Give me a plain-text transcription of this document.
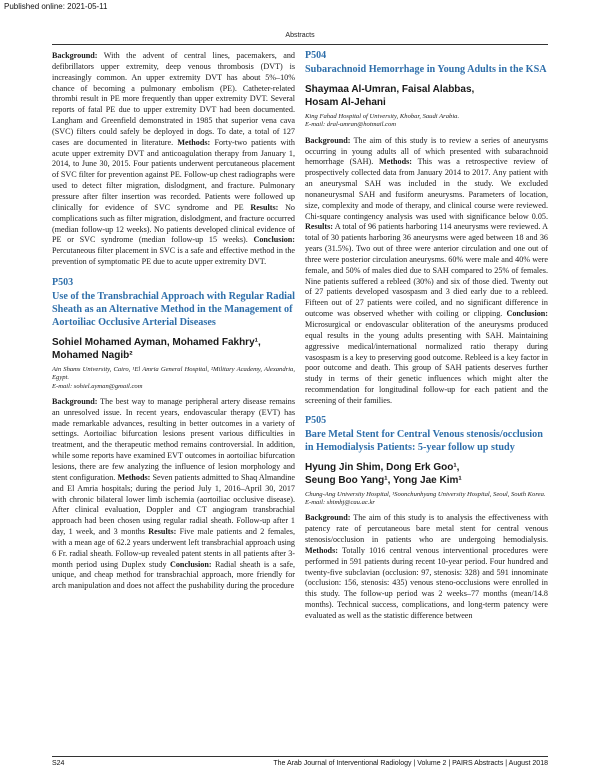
Published online: 2021-05-11
Abstracts

Background: With the advent of central lines, pacemakers, and defibrillators upper extremity, deep venous thrombosis (DVT) is increasingly common. An upper extremity DVT has about 5%–10% chance of becoming a pulmonary embolism (PE). Catheter-related thrombi result in PE more frequently than upper extremity DVT. Several reports of fatal PE due to upper extremity DVT had been documented. Langham and Greenfield demonstrated in 1985 that superior vena cava (SVC) filters could safely be deployed in dogs. To date, a total of 127 cases are documented in literature. Methods: Forty-two patients with acute upper extremity DVT and anticoagulation therapy from January 1, 2014, to June 30, 2015. Four patients underwent percutaneous placement of SVC filter for prevention against PE. Follow-up chest radiographs were used to detect filter migration, dislodgment, and fracture. Pulmonary pressure after filter insertion was recorded. Patients were followed up clinically for evidence of SVC syndrome and PE Results: No complications such as filter migration, dislodgment, and fracture occurred (median follow-up 12 weeks). No patients developed clinical evidence of PE or SVC syndrome (median follow-up 15 weeks). Conclusion: Percutaneous filter placement in SVC is a safe and effective method in the prevention of symptomatic PE due to acute upper extremity DVT.

P503
Use of the Transbrachial Approach with Regular Radial Sheath as an Alternative Method in the Management of Aortoiliac Occlusive Arterial Diseases
Sohiel Mohamed Ayman, Mohamed Fakhry¹,
Mohamed Nagib²

Ain Shams University, Cairo, ¹El Amria General Hospital, ²Military Academy, Alexandria, Egypt.

E-mail: sohiel.ayman@gmail.com

Background: The best way to manage peripheral artery disease remains an unresolved issue. In recent years, endovascular therapy (EVT) has made remarkable advances, resulting in better outcomes in a variety of settings. Aortoiliac bifurcation lesions present various difficulties in treatment, and the therapeutic method remains controversial. In addition, while some reports have examined EVT outcomes in aortoiliac bifurcation lesions, there are few analyzing the influence of lesion morphology and stent configuration. Methods: Seven patients admitted to Shaq Almandine and El Amria hospitals; during the period July 1, 2016–April 30, 2017 with chronic bilateral lower limb ischemia (aortoiliac occlusive disease). After clinical evaluation, Doppler and CT angiogram transbrachial approach had been chosen using regular radial sheath. Follow-up after 1 day, 1 week, and 3 months Results: Five male patients and 2 females, with a mean age of 62.2 years underwent left transbrachial approach using 6 Fr. radial sheath. Follow-up revealed patent stents in all patients after 3-month period using Duplex study Conclusion: Radial sheath is a safe, unique, and cheap method for transbrachial approach, more friendly for arch manipulation and does not affect the pushability during the procedure

P504
Subarachnoid Hemorrhage in Young Adults in the KSA
Shaymaa Al-Umran, Faisal Alabbas,
Hosam Al-Jehani

King Fahad Hospital of University, Khobar, Saudi Arabia.

E-mail: dral-umran@hotmail.com

Background: The aim of this study is to review a series of aneurysms occurring in young adults all of which presented with subarachnoid hemorrhage (SAH). Methods: This was a retrospective review of prospectively collected data from January 2014 to 2017. Any patient with an aneurysmal SAH was included in the study. We excluded nonaneurysmal SAH and fusiform aneurysms. Parameters of location, size, complexity and mode of therapy, and clinical course were reviewed. Chi-square contingency analysis was used with significance below 0.05. Results: A total of 96 patients harboring 114 aneurysms were reviewed. A total of 30 patients harboring 36 aneurysms were aged between 18 and 36 years (31.5%). Two out of three were anterior circulation and one out of three were posterior circulation aneurysms. 60% were male and 40% were female, and 50% of males died due to SAH compared to 25% of females. Nine patients suffered a rebleed (30%) and six of those died. Twenty out of 27 patients developed vasospasm and 3 died early due to a rebleed. Fifteen out of 27 patients were coiled, and no significant difference in outcome was observed whether with coiling or clipping. Conclusion: Microsurgical or endovascular obliteration of the aneurysms produced equal results in the young adults presenting with SAH. Maintaining aggressive medical/international normalized ratio therapy during vasospasm is a key to preserving good outcome. Rebleed is a key factor in poor outcome and death. This group of SAH patients deserves further study in terms of their genetic influences which might alter the recommendation for longitudinal follow-up for each patient and the screening of their families.

P505
Bare Metal Stent for Central Venous stenosis/occlusion in Hemodialysis Patients: 5-year follow up study
Hyung Jin Shim, Dong Erk Goo¹,
Seung Boo Yang¹, Yong Jae Kim¹

Chung-Ang University Hospital, ¹Soonchunhyang University Hospital, Seoul, South Korea.

E-mail: shimhj@cau.ac.kr

Background: The aim of this study is to analysis the effectiveness with patency rate of percutaneous bare metal stent for central venous stenosis/occlusion in patients who are undergoing hemodialysis. Methods: Totally 1016 central venous interventional procedures were performed in 591 patients during recent 10-year period. Four hundred and twenty-five subclavian (occlusion: 97, stenosis: 328) and 591 innominate (occlusion: 156, stenosis: 435) venous steno-occlusions were enrolled in this study. The follow-up period was 2 weeks–77 months (mean/14.8 months). Technical success, complications, and long-term patency were evaluated as well as the statistic difference between

S24	The Arab Journal of Interventional Radiology | Volume 2 | PAIRS Abstracts | August 2018
